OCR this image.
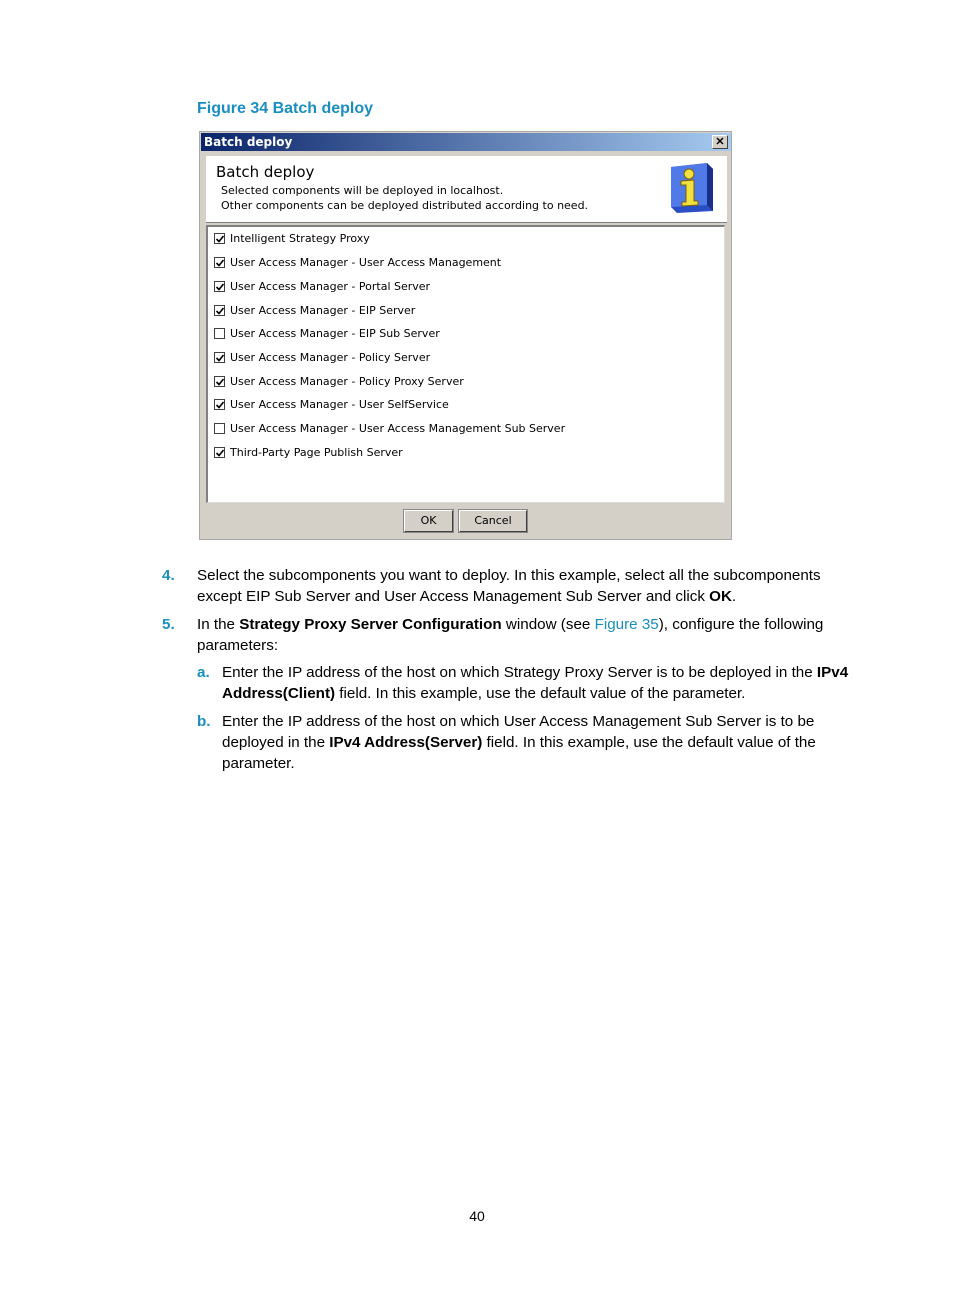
Figure 34 Batch deploy
Batch deploy	✕
Batch deploy
Selected components will be deployed in localhost.
Other components can be deployed distributed according to need.
Intelligent Strategy Proxy
User Access Manager - User Access Management
User Access Manager - Portal Server
User Access Manager - EIP Server
User Access Manager - EIP Sub Server
User Access Manager - Policy Server
User Access Manager - Policy Proxy Server
User Access Manager - User SelfService
User Access Manager - User Access Management Sub Server
Third-Party Page Publish Server
OK	Cancel
4. Select the subcomponents you want to deploy. In this example, select all the subcomponents
except EIP Sub Server and User Access Management Sub Server and click OK.
5. In the Strategy Proxy Server Configuration window (see Figure 35), configure the following
parameters:
a. Enter the IP address of the host on which Strategy Proxy Server is to be deployed in the IPv4
Address(Client) field. In this example, use the default value of the parameter.
b. Enter the IP address of the host on which User Access Management Sub Server is to be
deployed in the IPv4 Address(Server) field. In this example, use the default value of the
parameter.
40
